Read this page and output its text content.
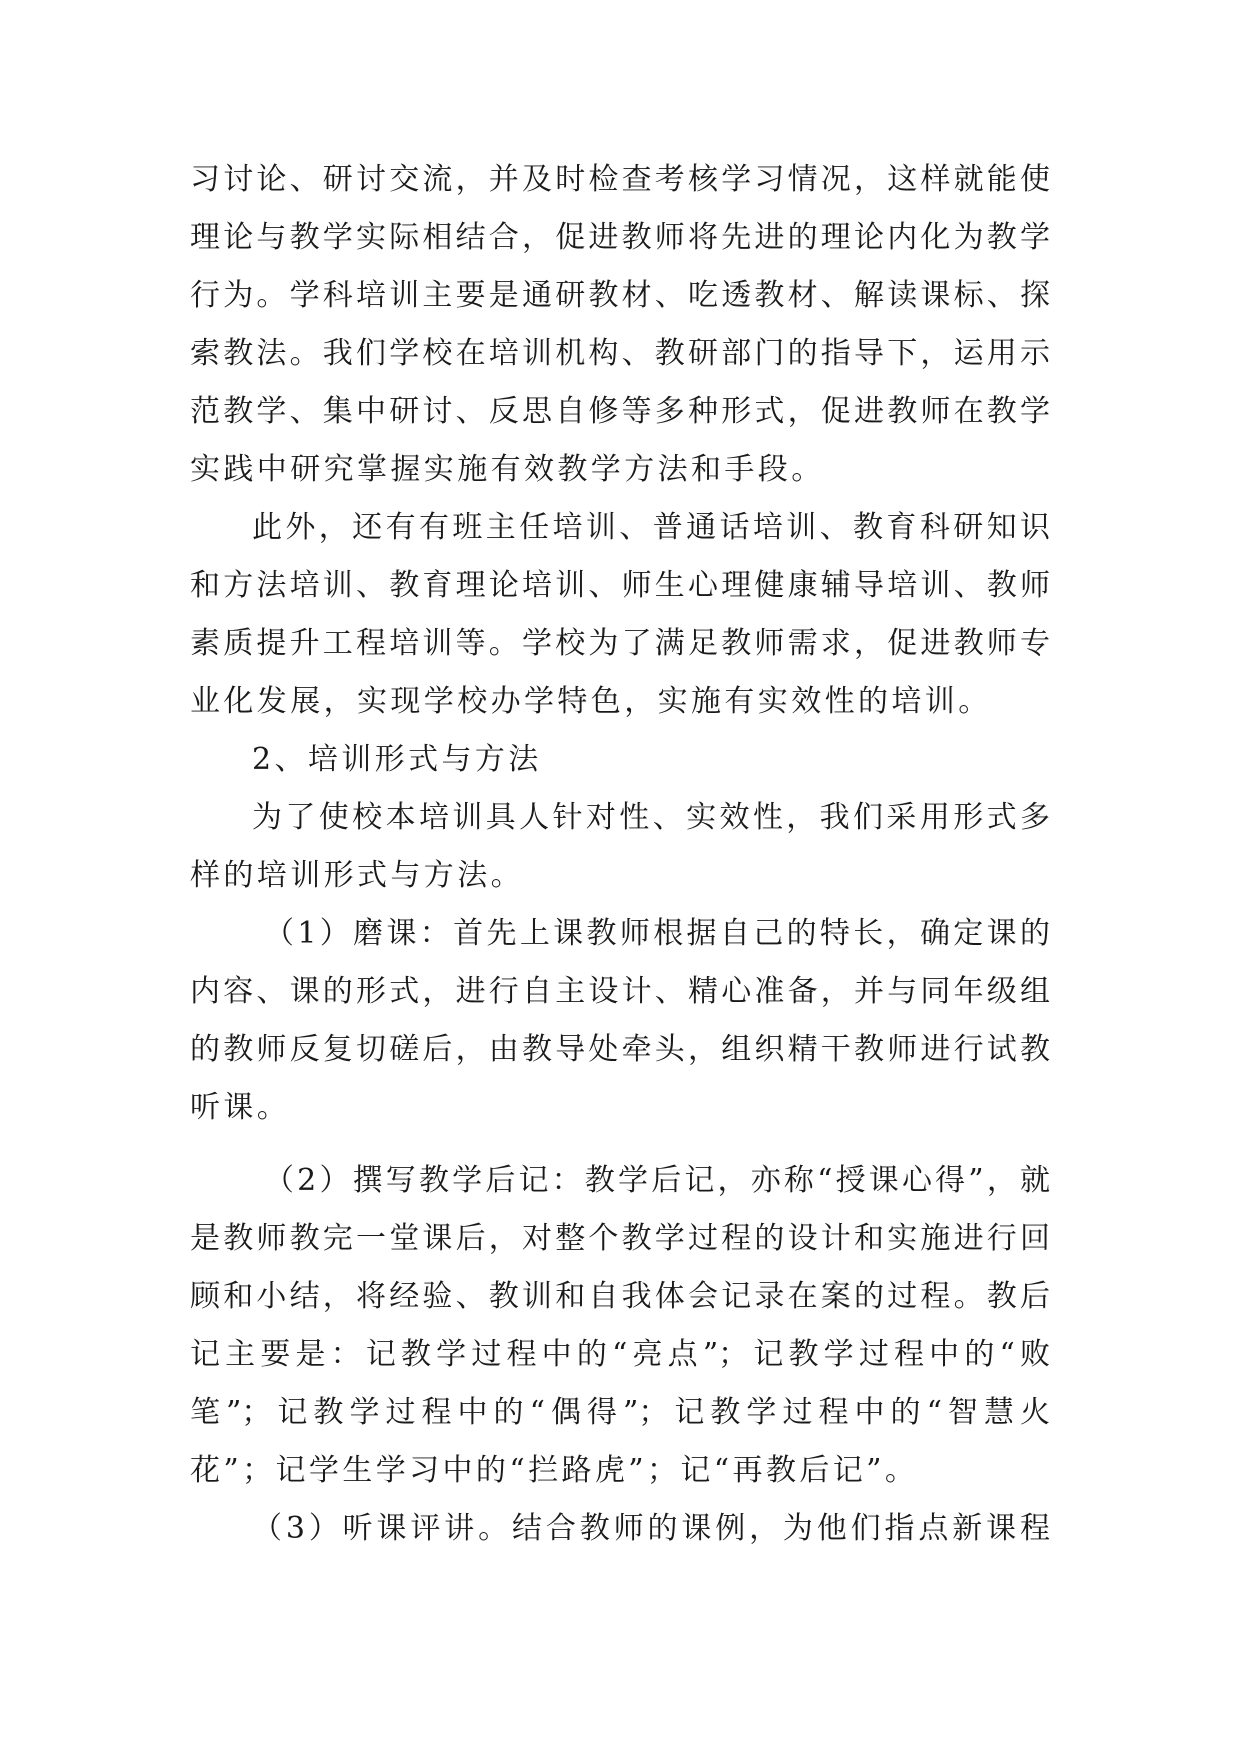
习讨论、研讨交流，并及时检查考核学习情况，这样就能使
理论与教学实际相结合，促进教师将先进的理论内化为教学
行为。学科培训主要是通研教材、吃透教材、解读课标、探
索教法。我们学校在培训机构、教研部门的指导下，运用示
范教学、集中研讨、反思自修等多种形式，促进教师在教学
实践中研究掌握实施有效教学方法和手段。
此外，还有有班主任培训、普通话培训、教育科研知识
和方法培训、教育理论培训、师生心理健康辅导培训、教师
素质提升工程培训等。学校为了满足教师需求，促进教师专
业化发展，实现学校办学特色，实施有实效性的培训。
2、培训形式与方法
为了使校本培训具人针对性、实效性，我们采用形式多
样的培训形式与方法。
（1）磨课：首先上课教师根据自己的特长，确定课的
内容、课的形式，进行自主设计、精心准备，并与同年级组
的教师反复切磋后，由教导处牵头，组织精干教师进行试教
听课。
（2）撰写教学后记：教学后记，亦称“授课心得”，就
是教师教完一堂课后，对整个教学过程的设计和实施进行回
顾和小结，将经验、教训和自我体会记录在案的过程。教后
记主要是：记教学过程中的“亮点”；记教学过程中的“败
笔”；记教学过程中的“偶得”；记教学过程中的“智慧火
花”；记学生学习中的“拦路虎”；记“再教后记”。
（3）听课评讲。结合教师的课例，为他们指点新课程
